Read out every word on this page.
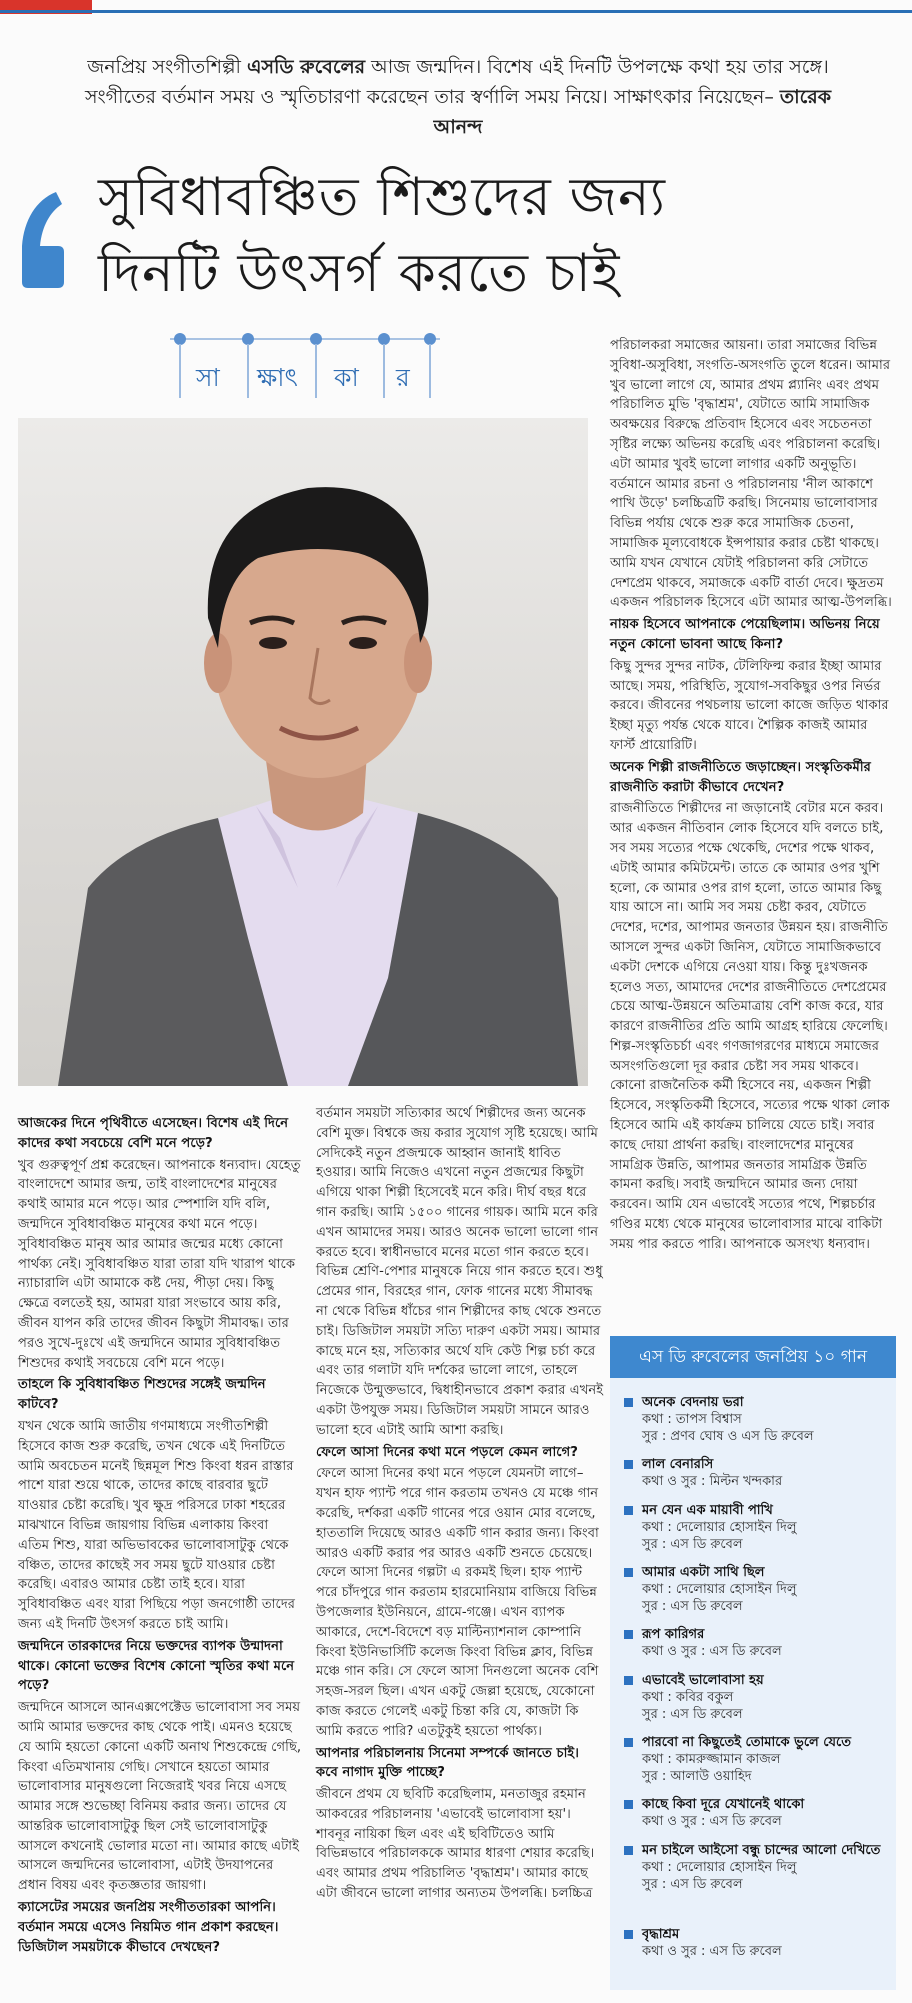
জনপ্রিয় সংগীতশিল্পী এসডি রুবেলের আজ জন্মদিন। বিশেষ এই দিনটি উপলক্ষে কথা হয় তার সঙ্গে। সংগীতের বর্তমান সময় ও স্মৃতিচারণা করেছেন তার স্বর্ণালি সময় নিয়ে। সাক্ষাৎকার নিয়েছেন– তারেক আনন্দ
সুবিধাবঞ্চিত শিশুদের জন্য
দিনটি উৎসর্গ করতে চাই
সা ক্ষাৎ কা র

আজকের দিনে পৃথিবীতে এসেছেন। বিশেষ এই দিনে কাদের কথা সবচেয়ে বেশি মনে পড়ে?

খুব গুরুত্বপূর্ণ প্রশ্ন করেছেন। আপনাকে ধন্যবাদ। যেহেতু বাংলাদেশে আমার জন্ম, তাই বাংলাদেশের মানুষের কথাই আমার মনে পড়ে। আর স্পেশালি যদি বলি, জন্মদিনে সুবিধাবঞ্চিত মানুষের কথা মনে পড়ে। সুবিধাবঞ্চিত মানুষ আর আমার জন্মের মধ্যে কোনো পার্থক্য নেই। সুবিধাবঞ্চিত যারা তারা যদি খারাপ থাকে ন্যাচারালি এটা আমাকে কষ্ট দেয়, পীড়া দেয়। কিছু ক্ষেত্রে বলতেই হয়, আমরা যারা সংভাবে আয় করি, জীবন যাপন করি তাদের জীবন কিছুটা সীমাবদ্ধ। তার পরও সুখে-দুঃখে এই জন্মদিনে আমার সুবিধাবঞ্চিত শিশুদের কথাই সবচেয়ে বেশি মনে পড়ে।

তাহলে কি সুবিধাবঞ্চিত শিশুদের সঙ্গেই জন্মদিন কাটবে?

যখন থেকে আমি জাতীয় গণমাধ্যমে সংগীতশিল্পী হিসেবে কাজ শুরু করেছি, তখন থেকে এই দিনটিতে আমি অবচেতন মনেই ছিন্নমূল শিশু কিংবা ধরন রাস্তার পাশে যারা শুয়ে থাকে, তাদের কাছে বারবার ছুটে যাওয়ার চেষ্টা করেছি। খুব ক্ষুদ্র পরিসরে ঢাকা শহরের মাঝখানে বিভিন্ন জায়গায় বিভিন্ন এলাকায় কিংবা এতিম শিশু, যারা অভিভাবকের ভালোবাসাটুকু থেকে বঞ্চিত, তাদের কাছেই সব সময় ছুটে যাওয়ার চেষ্টা করেছি। এবারও আমার চেষ্টা তাই হবে। যারা সুবিধাবঞ্চিত এবং যারা পিছিয়ে পড়া জনগোষ্ঠী তাদের জন্য এই দিনটি উৎসর্গ করতে চাই আমি।

জন্মদিনে তারকাদের নিয়ে ভক্তদের ব্যাপক উন্মাদনা থাকে। কোনো ভক্তের বিশেষ কোনো স্মৃতির কথা মনে পড়ে?

জন্মদিনে আসলে আনএক্সপেক্টেড ভালোবাসা সব সময় আমি আমার ভক্তদের কাছ থেকে পাই। এমনও হয়েছে যে আমি হয়তো কোনো একটি অনাথ শিশুকেন্দ্রে গেছি, কিংবা এতিমখানায় গেছি। সেখানে হয়তো আমার ভালোবাসার মানুষগুলো নিজেরাই খবর নিয়ে এসছে আমার সঙ্গে শুভেচ্ছা বিনিময় করার জন্য। তাদের যে আন্তরিক ভালোবাসাটুকু ছিল সেই ভালোবাসাটুকু আসলে কখনোই ভোলার মতো না। আমার কাছে এটাই আসলে জন্মদিনের ভালোবাসা, এটাই উদযাপনের প্রধান বিষয় এবং কৃতজ্ঞতার জায়গা।

ক্যাসেটের সময়ের জনপ্রিয় সংগীততারকা আপনি। বর্তমান সময়ে এসেও নিয়মিত গান প্রকাশ করছেন। ডিজিটাল সময়টাকে কীভাবে দেখছেন?

বর্তমান সময়টা সত্যিকার অর্থে শিল্পীদের জন্য অনেক বেশি মুক্ত। বিশ্বকে জয় করার সুযোগ সৃষ্টি হয়েছে। আমি সেদিকেই নতুন প্রজন্মকে আহ্বান জানাই ধাবিত হওয়ার। আমি নিজেও এখনো নতুন প্রজন্মের কিছুটা এগিয়ে থাকা শিল্পী হিসেবেই মনে করি। দীর্ঘ বছর ধরে গান করছি। আমি ১৫০০ গানের গায়ক। আমি মনে করি এখন আমাদের সময়। আরও অনেক ভালো ভালো গান করতে হবে। স্বাধীনভাবে মনের মতো গান করতে হবে। বিভিন্ন শ্রেণি-পেশার মানুষকে নিয়ে গান করতে হবে। শুধু প্রেমের গান, বিরহের গান, ফোক গানের মধ্যে সীমাবদ্ধ না থেকে বিভিন্ন ধাঁচের গান শিল্পীদের কাছ থেকে শুনতে চাই। ডিজিটাল সময়টা সত্যি দারুণ একটা সময়। আমার কাছে মনে হয়, সত্যিকার অর্থে যদি কেউ শিল্প চর্চা করে এবং তার গলাটা যদি দর্শকের ভালো লাগে, তাহলে নিজেকে উন্মুক্তভাবে, দ্বিধাহীনভাবে প্রকাশ করার এখনই একটা উপযুক্ত সময়। ডিজিটাল সময়টা সামনে আরও ভালো হবে এটাই আমি আশা করছি।

ফেলে আসা দিনের কথা মনে পড়লে কেমন লাগে?

ফেলে আসা দিনের কথা মনে পড়লে যেমনটা লাগে– যখন হাফ প্যান্ট পরে গান করতাম তখনও যে মঞ্চে গান করেছি, দর্শকরা একটি গানের পরে ওয়ান মোর বলেছে, হাততালি দিয়েছে আরও একটি গান করার জন্য। কিংবা আরও একটি করার পর আরও একটি শুনতে চেয়েছে। ফেলে আসা দিনের গল্পটা এ রকমই ছিল। হাফ প্যান্ট পরে চাঁদপুরে গান করতাম হারমোনিয়াম বাজিয়ে বিভিন্ন উপজেলার ইউনিয়নে, গ্রামে-গঞ্জে। এখন ব্যাপক আকারে, দেশে-বিদেশে বড় মাল্টিন্যাশনাল কোম্পানি কিংবা ইউনিভার্সিটি কলেজ কিংবা বিভিন্ন ক্লাব, বিভিন্ন মঞ্চে গান করি। সে ফেলে আসা দিনগুলো অনেক বেশি সহজ-সরল ছিল। এখন একটু জেল্লা হয়েছে, যেকোনো কাজ করতে গেলেই একটু চিন্তা করি যে, কাজটা কি আমি করতে পারি? এতটুকুই হয়তো পার্থক্য।

আপনার পরিচালনায় সিনেমা সম্পর্কে জানতে চাই। কবে নাগাদ মুক্তি পাচ্ছে?

জীবনে প্রথম যে ছবিটি করেছিলাম, মনতাজুর রহমান আকবরের পরিচালনায় 'এভাবেই ভালোবাসা হয়'। শাবনূর নায়িকা ছিল এবং এই ছবিটিতেও আমি বিভিন্নভাবে পরিচালককে আমার ধারণা শেয়ার করেছি। এবং আমার প্রথম পরিচালিত 'বৃদ্ধাশ্রম'। আমার কাছে এটা জীবনে ভালো লাগার অন্যতম উপলব্ধি। চলচ্চিত্র

পরিচালকরা সমাজের আয়না। তারা সমাজের বিভিন্ন সুবিধা-অসুবিধা, সংগতি-অসংগতি তুলে ধরেন। আমার খুব ভালো লাগে যে, আমার প্রথম প্ল্যানিং এবং প্রথম পরিচালিত মুভি 'বৃদ্ধাশ্রম', যেটাতে আমি সামাজিক অবক্ষয়ের বিরুদ্ধে প্রতিবাদ হিসেবে এবং সচেতনতা সৃষ্টির লক্ষ্যে অভিনয় করেছি এবং পরিচালনা করেছি। এটা আমার খুবই ভালো লাগার একটি অনুভূতি। বর্তমানে আমার রচনা ও পরিচালনায় 'নীল আকাশে পাখি উড়ে' চলচ্চিত্রটি করছি। সিনেমায় ভালোবাসার বিভিন্ন পর্যায় থেকে শুরু করে সামাজিক চেতনা, সামাজিক মূল্যবোধকে ইন্সপায়ার করার চেষ্টা থাকছে। আমি যখন যেখানে যেটাই পরিচালনা করি সেটাতে দেশপ্রেম থাকবে, সমাজকে একটি বার্তা দেবে। ক্ষুদ্রতম একজন পরিচালক হিসেবে এটা আমার আত্ম-উপলব্ধি।

নায়ক হিসেবে আপনাকে পেয়েছিলাম। অভিনয় নিয়ে নতুন কোনো ভাবনা আছে কিনা?

কিছু সুন্দর সুন্দর নাটক, টেলিফিল্ম করার ইচ্ছা আমার আছে। সময়, পরিস্থিতি, সুযোগ-সবকিছুর ওপর নির্ভর করবে। জীবনের পথচলায় ভালো কাজে জড়িত থাকার ইচ্ছা মৃত্যু পর্যন্ত থেকে যাবে। শৈল্পিক কাজই আমার ফার্স্ট প্রায়োরিটি।

অনেক শিল্পী রাজনীতিতে জড়াচ্ছেন। সংস্কৃতিকর্মীর রাজনীতি করাটা কীভাবে দেখেন?

রাজনীতিতে শিল্পীদের না জড়ানোই বেটার মনে করব। আর একজন নীতিবান লোক হিসেবে যদি বলতে চাই, সব সময় সত্যের পক্ষে থেকেছি, দেশের পক্ষে থাকব, এটাই আমার কমিটমেন্ট। তাতে কে আমার ওপর খুশি হলো, কে আমার ওপর রাগ হলো, তাতে আমার কিছু যায় আসে না। আমি সব সময় চেষ্টা করব, যেটাতে দেশের, দশের, আপামর জনতার উন্নয়ন হয়। রাজনীতি আসলে সুন্দর একটা জিনিস, যেটাতে সামাজিকভাবে একটা দেশকে এগিয়ে নেওয়া যায়। কিন্তু দুঃখজনক হলেও সত্য, আমাদের দেশের রাজনীতিতে দেশপ্রেমের চেয়ে আত্ম-উন্নয়নে অতিমাত্রায় বেশি কাজ করে, যার কারণে রাজনীতির প্রতি আমি আগ্রহ হারিয়ে ফেলেছি। শিল্প-সংস্কৃতিচর্চা এবং গণজাগরণের মাধ্যমে সমাজের অসংগতিগুলো দূর করার চেষ্টা সব সময় থাকবে। কোনো রাজনৈতিক কর্মী হিসেবে নয়, একজন শিল্পী হিসেবে, সংস্কৃতিকর্মী হিসেবে, সত্যের পক্ষে থাকা লোক হিসেবে আমি এই কার্যক্রম চালিয়ে যেতে চাই। সবার কাছে দোয়া প্রার্থনা করছি। বাংলাদেশের মানুষের সামগ্রিক উন্নতি, আপামর জনতার সামগ্রিক উন্নতি কামনা করছি। সবাই জন্মদিনে আমার জন্য দোয়া করবেন। আমি যেন এভাবেই সত্যের পথে, শিল্পচর্চার গণ্ডির মধ্যে থেকে মানুষের ভালোবাসার মাঝে বাকিটা সময় পার করতে পারি। আপনাকে অসংখ্য ধন্যবাদ।

এস ডি রুবেলের জনপ্রিয় ১০ গান
অনেক বেদনায় ভরা
কথা : তাপস বিশ্বাস
সুর : প্রণব ঘোষ ও এস ডি রুবেল
লাল বেনারসি
কথা ও সুর : মিল্টন খন্দকার
মন যেন এক মায়াবী পাখি
কথা : দেলোয়ার হোসাইন দিলু
সুর : এস ডি রুবেল
আমার একটা সাথি ছিল
কথা : দেলোয়ার হোসাইন দিলু
সুর : এস ডি রুবেল
রূপ কারিগর
কথা ও সুর : এস ডি রুবেল
এভাবেই ভালোবাসা হয়
কথা : কবির বকুল
সুর : এস ডি রুবেল
পারবো না কিছুতেই তোমাকে ভুলে যেতে
কথা : কামরুজ্জামান কাজল
সুর : আলাউ ওয়াহিদ
কাছে কিবা দূরে যেখানেই থাকো
কথা ও সুর : এস ডি রুবেল
মন চাইলে আইসো বন্ধু চান্দের আলো দেখিতে
কথা : দেলোয়ার হোসাইন দিলু
সুর : এস ডি রুবেল
বৃদ্ধাশ্রম
কথা ও সুর : এস ডি রুবেল
